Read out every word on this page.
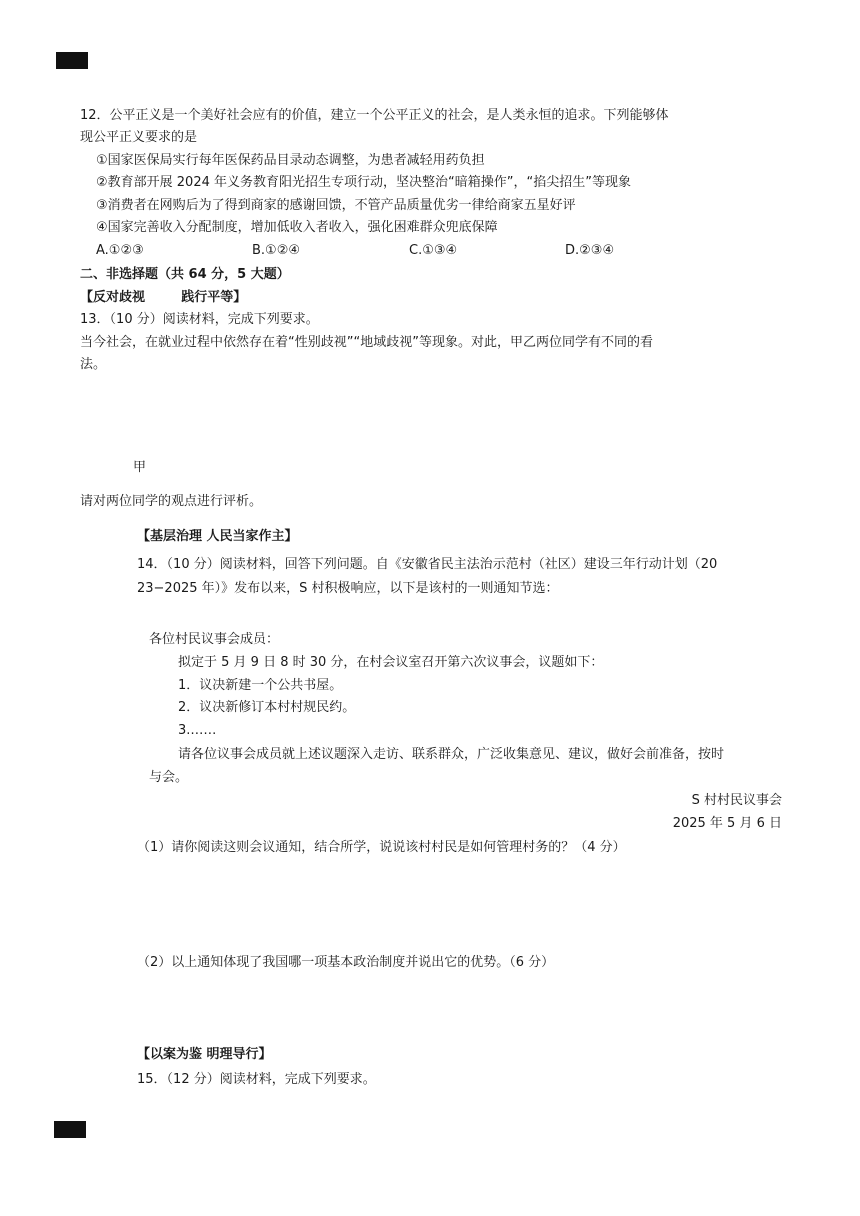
12．公平正义是一个美好社会应有的价值，建立一个公平正义的社会，是人类永恒的追求。下列能够体
现公平正义要求的是
①国家医保局实行每年医保药品目录动态调整，为患者减轻用药负担
②教育部开展 2024 年义务教育阳光招生专项行动，坚决整治“暗箱操作”，“掐尖招生”等现象
③消费者在网购后为了得到商家的感谢回馈，不管产品质量优劣一律给商家五星好评
④国家完善收入分配制度，增加低收入者收入，强化困难群众兜底保障
A.①②③	B.①②④	C.①③④	D.②③④
二、非选择题（共 64 分，5 大题）
【反对歧视        践行平等】
13．（10 分）阅读材料，完成下列要求。
当今社会，在就业过程中依然存在着“性别歧视”“地域歧视”等现象。对此，甲乙两位同学有不同的看
法。
甲
请对两位同学的观点进行评析。
【基层治理 人民当家作主】
14．（10 分）阅读材料，回答下列问题。自《安徽省民主法治示范村（社区）建设三年行动计划（20
23−2025 年）》发布以来，S 村积极响应，以下是该村的一则通知节选：
各位村民议事会成员：
拟定于 5 月 9 日 8 时 30 分，在村会议室召开第六次议事会，议题如下：
1．议决新建一个公共书屋。
2．议决新修订本村村规民约。
3.……
请各位议事会成员就上述议题深入走访、联系群众，广泛收集意见、建议，做好会前准备，按时
与会。
S 村村民议事会
2025 年 5 月 6 日
（1）请你阅读这则会议通知，结合所学，说说该村村民是如何管理村务的？（4 分）
（2）以上通知体现了我国哪一项基本政治制度并说出它的优势。（6 分）
【以案为鉴 明理导行】
15．（12 分）阅读材料，完成下列要求。
